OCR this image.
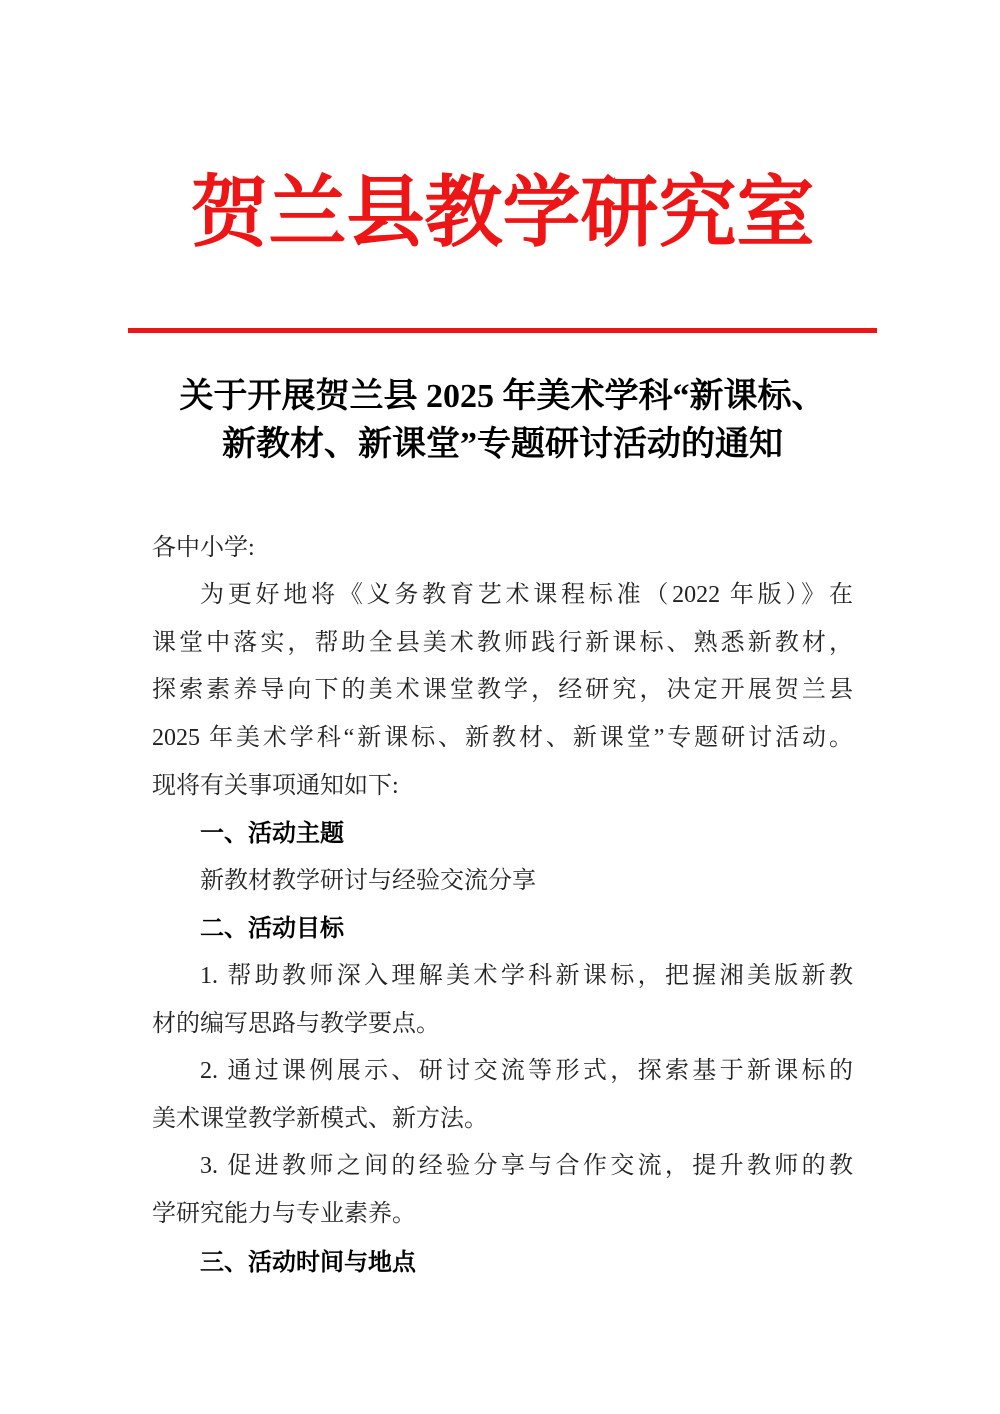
贺兰县教学研究室
关于开展贺兰县 2025 年美术学科“新课标、
新教材、新课堂”专题研讨活动的通知
各中小学:
为更好地将《义务教育艺术课程标准（2022 年版）》在
课堂中落实，帮助全县美术教师践行新课标、熟悉新教材，
探索素养导向下的美术课堂教学，经研究，决定开展贺兰县
2025 年美术学科“新课标、新教材、新课堂”专题研讨活动。
现将有关事项通知如下:
一、活动主题
新教材教学研讨与经验交流分享
二、活动目标
1. 帮助教师深入理解美术学科新课标，把握湘美版新教
材的编写思路与教学要点。
2. 通过课例展示、研讨交流等形式，探索基于新课标的
美术课堂教学新模式、新方法。
3. 促进教师之间的经验分享与合作交流，提升教师的教
学研究能力与专业素养。
三、活动时间与地点
